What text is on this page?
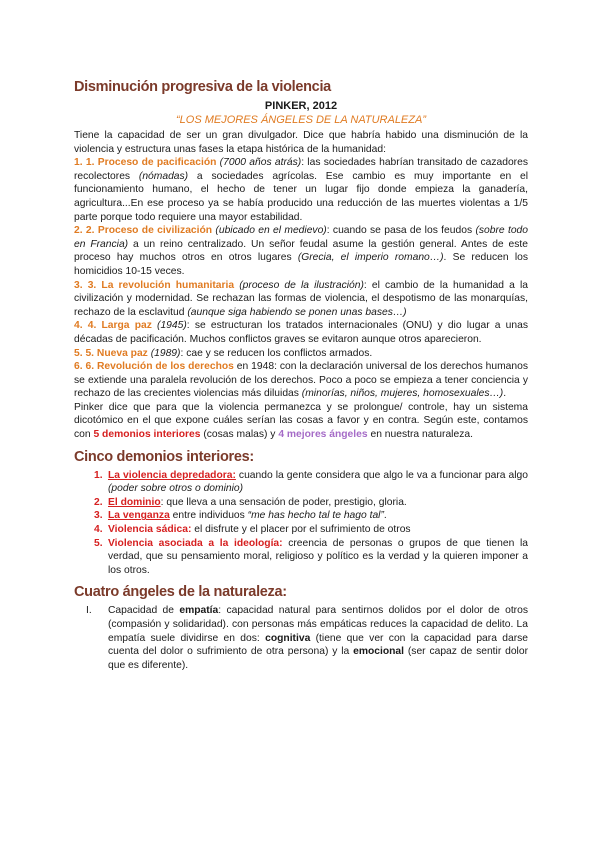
Disminución progresiva de la violencia
PINKER, 2012
“LOS MEJORES ÁNGELES DE LA NATURALEZA”

Tiene la capacidad de ser un gran divulgador. Dice que habría habido una disminución de la violencia y estructura unas fases la etapa histórica de la humanidad:

1. 1. Proceso de pacificación (7000 años atrás): las sociedades habrían transitado de cazadores recolectores (nómadas) a sociedades agrícolas. Ese cambio es muy importante en el funcionamiento humano, el hecho de tener un lugar fijo donde empieza la ganadería, agricultura...En ese proceso ya se había producido una reducción de las muertes violentas a 1/5 parte porque todo requiere una mayor estabilidad.

2. 2. Proceso de civilización (ubicado en el medievo): cuando se pasa de los feudos (sobre todo en Francia) a un reino centralizado. Un señor feudal asume la gestión general. Antes de este proceso hay muchos otros en otros lugares (Grecia, el imperio romano…). Se reducen los homicidios 10-15 veces.

3. 3. La revolución humanitaria (proceso de la ilustración): el cambio de la humanidad a la civilización y modernidad. Se rechazan las formas de violencia, el despotismo de las monarquías, rechazo de la esclavitud (aunque siga habiendo se ponen unas bases…)

4. 4. Larga paz (1945): se estructuran los tratados internacionales (ONU) y dio lugar a unas décadas de pacificación. Muchos conflictos graves se evitaron aunque otros aparecieron.

5. 5. Nueva paz (1989): cae y se reducen los conflictos armados.

6. 6. Revolución de los derechos en 1948: con la declaración universal de los derechos humanos se extiende una paralela revolución de los derechos. Poco a poco se empieza a tener conciencia y rechazo de las crecientes violencias más diluidas (minorías, niños, mujeres, homosexuales…).

Pinker dice que para que la violencia permanezca y se prolongue/ controle, hay un sistema dicotómico en el que expone cuáles serían las cosas a favor y en contra. Según este, contamos con 5 demonios interiores (cosas malas) y 4 mejores ángeles en nuestra naturaleza.

Cinco demonios interiores:
1. La violencia depredadora: cuando la gente considera que algo le va a funcionar para algo (poder sobre otros o dominio)
2. El dominio: que lleva a una sensación de poder, prestigio, gloria.
3. La venganza entre individuos “me has hecho tal te hago tal”.
4. Violencia sádica: el disfrute y el placer por el sufrimiento de otros
5. Violencia asociada a la ideología: creencia de personas o grupos de que tienen la verdad, que su pensamiento moral, religioso y político es la verdad y la quieren imponer a los otros.
Cuatro ángeles de la naturaleza:
I. Capacidad de empatía: capacidad natural para sentirnos dolidos por el dolor de otros (compasión y solidaridad). con personas más empáticas reduces la capacidad de delito. La empatía suele dividirse en dos: cognitiva (tiene que ver con la capacidad para darse cuenta del dolor o sufrimiento de otra persona) y la emocional (ser capaz de sentir dolor que es diferente).
